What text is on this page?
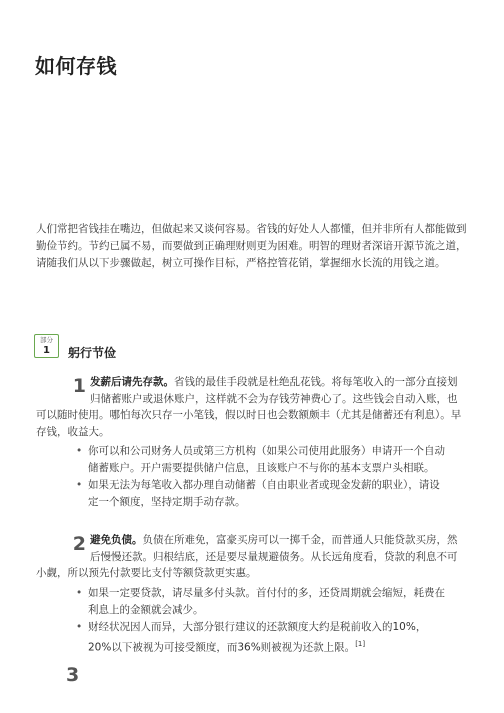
如何存钱
人们常把省钱挂在嘴边，但做起来又谈何容易。省钱的好处人人都懂，但并非所有人都能做到勤俭节约。节约已属不易，而要做到正确理财则更为困难。明智的理财者深谙开源节流之道，请随我们从以下步骤做起，树立可操作目标，严格控管花销，掌握细水长流的用钱之道。
部分
1	躬行节俭
1 发薪后请先存款。省钱的最佳手段就是杜绝乱花钱。将每笔收入的一部分直接划归储蓄账户或退休账户，这样就不会为存钱劳神费心了。这些钱会自动入账，也可以随时使用。哪怕每次只存一小笔钱，假以时日也会数额颇丰（尤其是储蓄还有利息）。早存钱，收益大。
• 你可以和公司财务人员或第三方机构（如果公司使用此服务）申请开一个自动储蓄账户。开户需要提供储户信息，且该账户不与你的基本支票户头相联。
• 如果无法为每笔收入都办理自动储蓄（自由职业者或现金发薪的职业），请设定一个额度，坚持定期手动存款。
2 避免负债。负债在所难免，富豪买房可以一掷千金，而普通人只能贷款买房，然后慢慢还款。归根结底，还是要尽量规避债务。从长远角度看，贷款的利息不可小觑，所以预先付款要比支付等额贷款更实惠。
• 如果一定要贷款，请尽量多付头款。首付付的多，还贷周期就会缩短，耗费在利息上的金额就会减少。
• 财经状况因人而异，大部分银行建议的还款额度大约是税前收入的10%，20%以下被视为可接受额度，而36%则被视为还款上限。[1]
3
